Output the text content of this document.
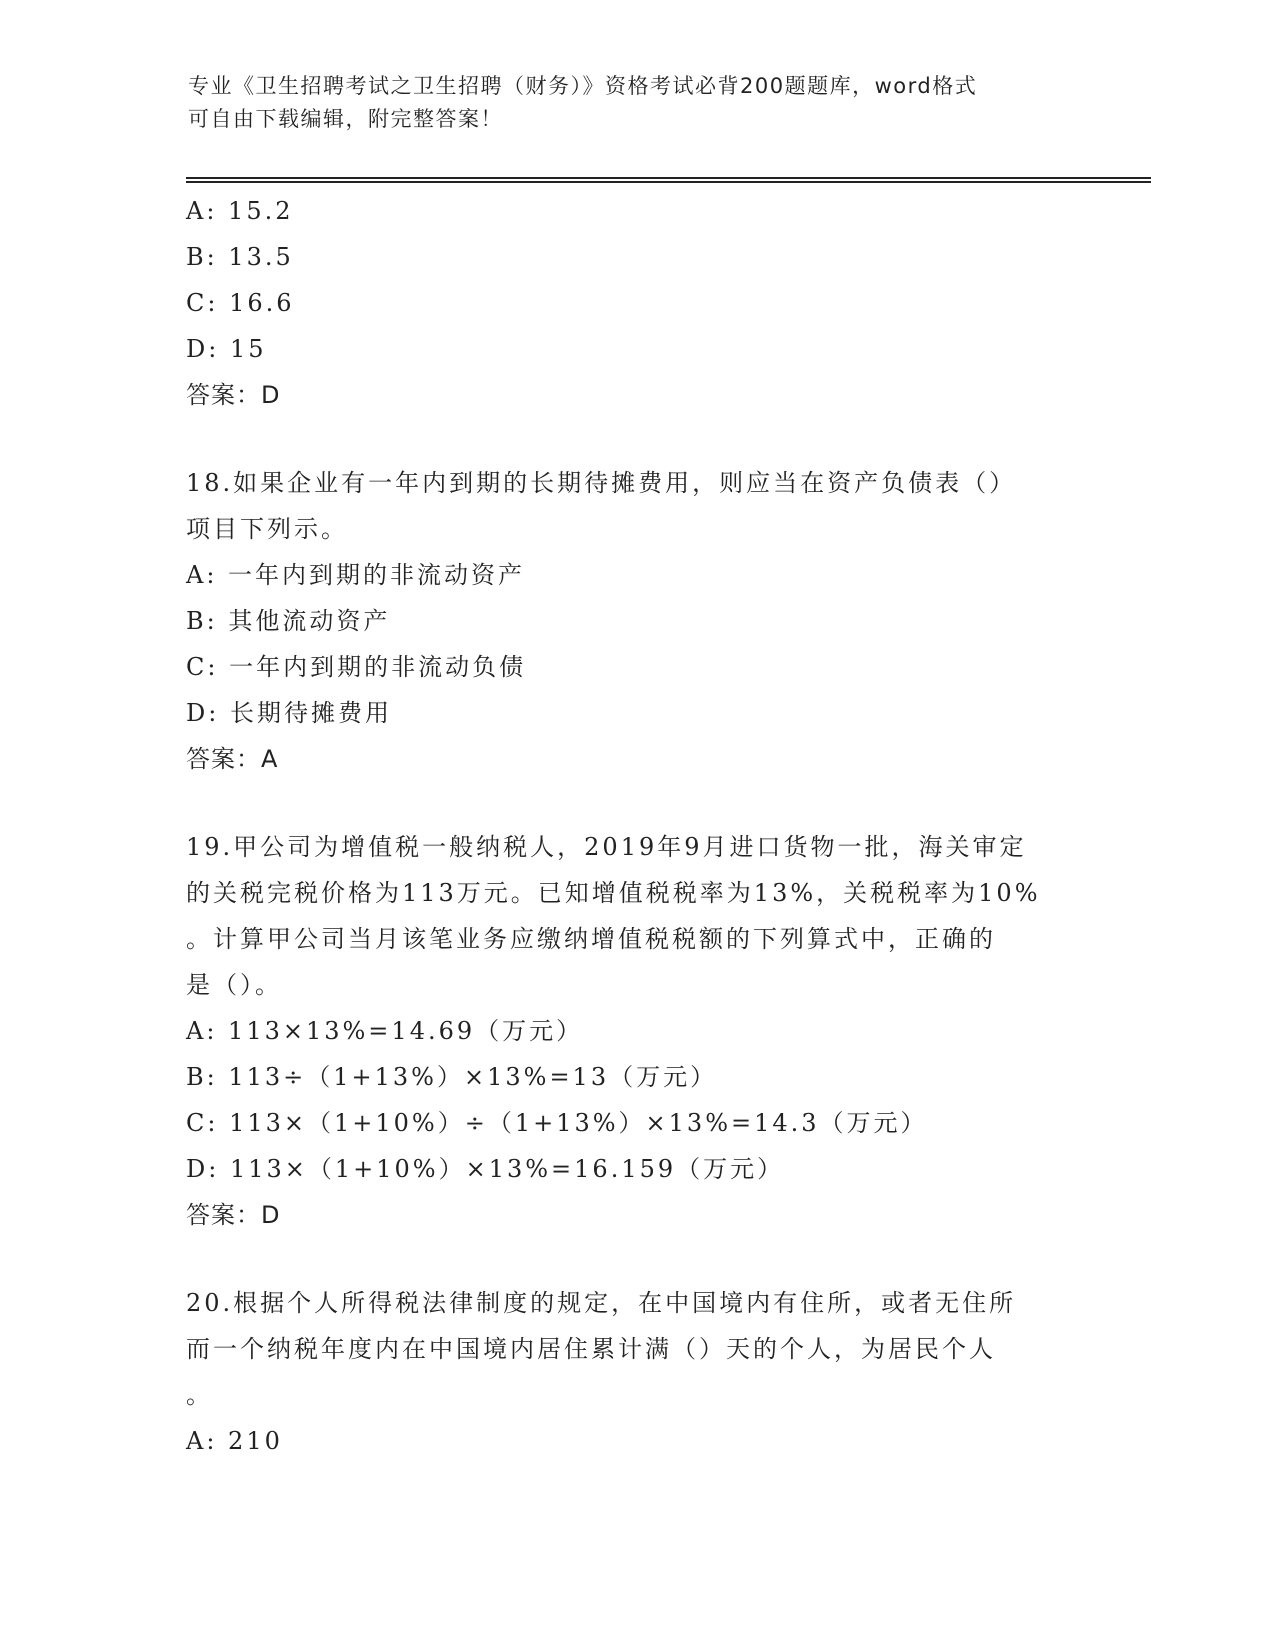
专业《卫生招聘考试之卫生招聘（财务）》资格考试必背200题题库，word格式
可自由下载编辑，附完整答案！
A: 15.2
B: 13.5
C: 16.6
D: 15
答案：D
18.如果企业有一年内到期的长期待摊费用，则应当在资产负债表（）
项目下列示。
A: 一年内到期的非流动资产
B: 其他流动资产
C: 一年内到期的非流动负债
D: 长期待摊费用
答案：A
19.甲公司为增值税一般纳税人，2019年9月进口货物一批，海关审定
的关税完税价格为113万元。已知增值税税率为13%，关税税率为10%
。计算甲公司当月该笔业务应缴纳增值税税额的下列算式中，正确的
是（）。
A: 113×13%=14.69（万元）
B: 113÷（1+13%）×13%=13（万元）
C: 113×（1+10%）÷（1+13%）×13%=14.3（万元）
D: 113×（1+10%）×13%=16.159（万元）
答案：D
20.根据个人所得税法律制度的规定，在中国境内有住所，或者无住所
而一个纳税年度内在中国境内居住累计满（）天的个人，为居民个人
。
A: 210
